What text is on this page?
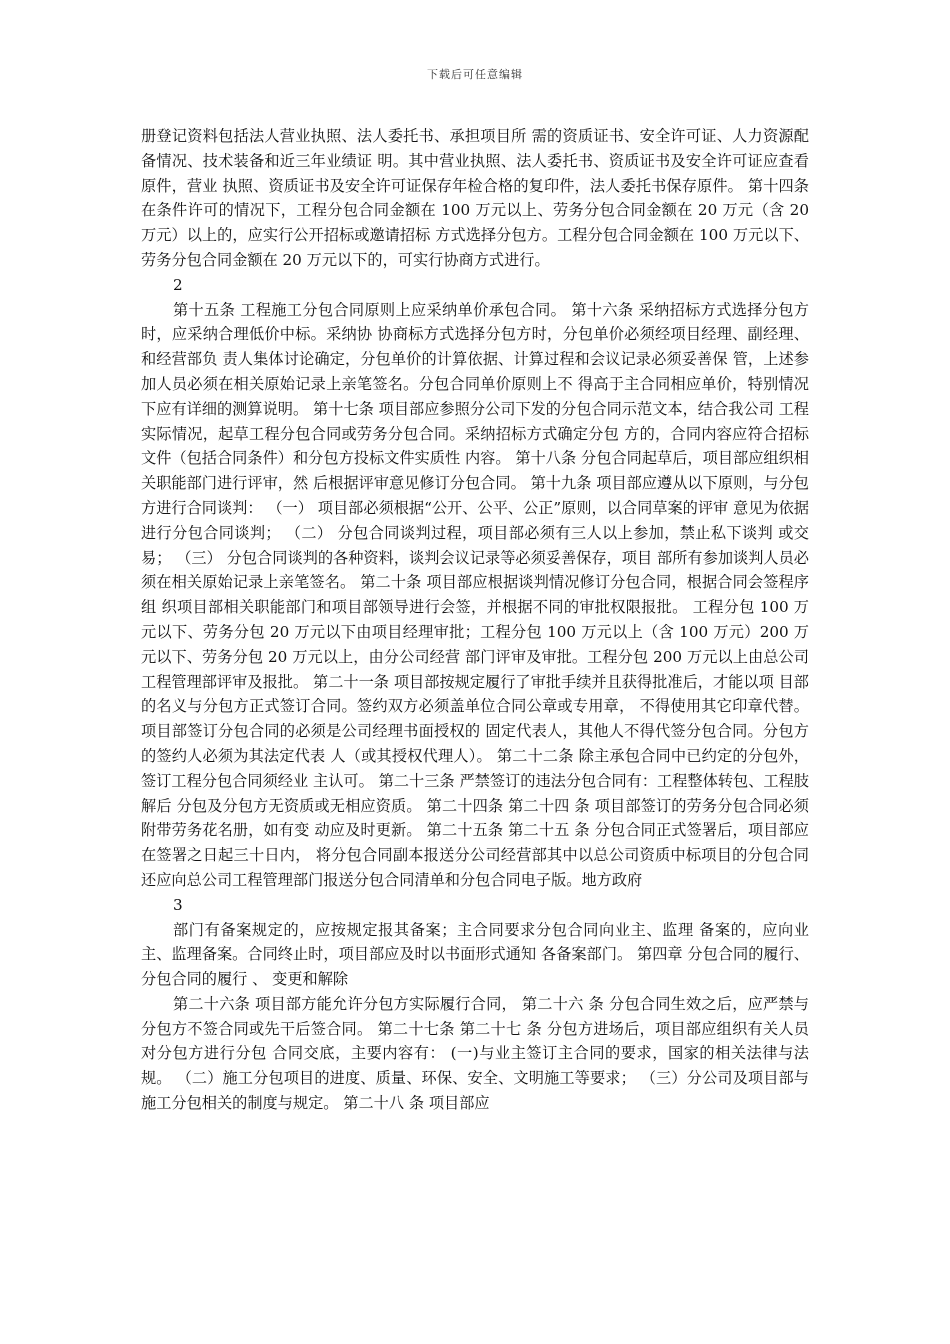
下载后可任意编辑

册登记资料包括法人营业执照、法人委托书、承担项目所 需的资质证书、安全许可证、人力资源配备情况、技术装备和近三年业绩证 明。其中营业执照、法人委托书、资质证书及安全许可证应查看原件，营业 执照、资质证书及安全许可证保存年检合格的复印件，法人委托书保存原件。 第十四条 在条件许可的情况下，工程分包合同金额在 100 万元以上、劳务分包合同金额在 20 万元（含 20 万元）以上的，应实行公开招标或邀请招标 方式选择分包方。工程分包合同金额在 100 万元以下、劳务分包合同金额在 20 万元以下的，可实行协商方式进行。

2

第十五条 工程施工分包合同原则上应采纳单价承包合同。 第十六条 采纳招标方式选择分包方时，应采纳合理低价中标。采纳协 协商标方式选择分包方时，分包单价必须经项目经理、副经理、和经营部负 责人集体讨论确定，分包单价的计算依据、计算过程和会议记录必须妥善保 管，上述参加人员必须在相关原始记录上亲笔签名。分包合同单价原则上不 得高于主合同相应单价，特别情况下应有详细的测算说明。 第十七条 项目部应参照分公司下发的分包合同示范文本，结合我公司 工程实际情况，起草工程分包合同或劳务分包合同。采纳招标方式确定分包 方的，合同内容应符合招标文件（包括合同条件）和分包方投标文件实质性 内容。 第十八条 分包合同起草后，项目部应组织相关职能部门进行评审，然 后根据评审意见修订分包合同。 第十九条 项目部应遵从以下原则，与分包方进行合同谈判： （一） 项目部必须根据“公开、公平、公正”原则，以合同草案的评审 意见为依据进行分包合同谈判； （二） 分包合同谈判过程，项目部必须有三人以上参加，禁止私下谈判 或交易； （三） 分包合同谈判的各种资料，谈判会议记录等必须妥善保存，项目 部所有参加谈判人员必须在相关原始记录上亲笔签名。 第二十条 项目部应根据谈判情况修订分包合同，根据合同会签程序组 织项目部相关职能部门和项目部领导进行会签，并根据不同的审批权限报批。 工程分包 100 万元以下、劳务分包 20 万元以下由项目经理审批；工程分包 100 万元以上（含 100 万元）200 万元以下、劳务分包 20 万元以上，由分公司经营 部门评审及审批。工程分包 200 万元以上由总公司工程管理部评审及报批。 第二十一条 项目部按规定履行了审批手续并且获得批准后，才能以项 目部的名义与分包方正式签订合同。签约双方必须盖单位合同公章或专用章， 不得使用其它印章代替。项目部签订分包合同的必须是公司经理书面授权的 固定代表人，其他人不得代签分包合同。分包方的签约人必须为其法定代表 人（或其授权代理人）。 第二十二条 除主承包合同中已约定的分包外，签订工程分包合同须经业 主认可。 第二十三条 严禁签订的违法分包合同有：工程整体转包、工程肢解后 分包及分包方无资质或无相应资质。 第二十四条 第二十四 条 项目部签订的劳务分包合同必须附带劳务花名册，如有变 动应及时更新。 第二十五条 第二十五 条 分包合同正式签署后，项目部应在签署之日起三十日内， 将分包合同副本报送分公司经营部其中以总公司资质中标项目的分包合同 还应向总公司工程管理部门报送分包合同清单和分包合同电子版。地方政府

3

部门有备案规定的，应按规定报其备案；主合同要求分包合同向业主、监理 备案的，应向业主、监理备案。合同终止时，项目部应及时以书面形式通知 各备案部门。 第四章 分包合同的履行、 分包合同的履行 、 变更和解除

第二十六条 项目部方能允许分包方实际履行合同， 第二十六 条 分包合同生效之后，应严禁与分包方不签合同或先干后签合同。 第二十七条 第二十七 条 分包方进场后，项目部应组织有关人员对分包方进行分包 合同交底，主要内容有： (一)与业主签订主合同的要求，国家的相关法律与法规。 （二）施工分包项目的进度、质量、环保、安全、文明施工等要求； （三）分公司及项目部与施工分包相关的制度与规定。 第二十八 条 项目部应
